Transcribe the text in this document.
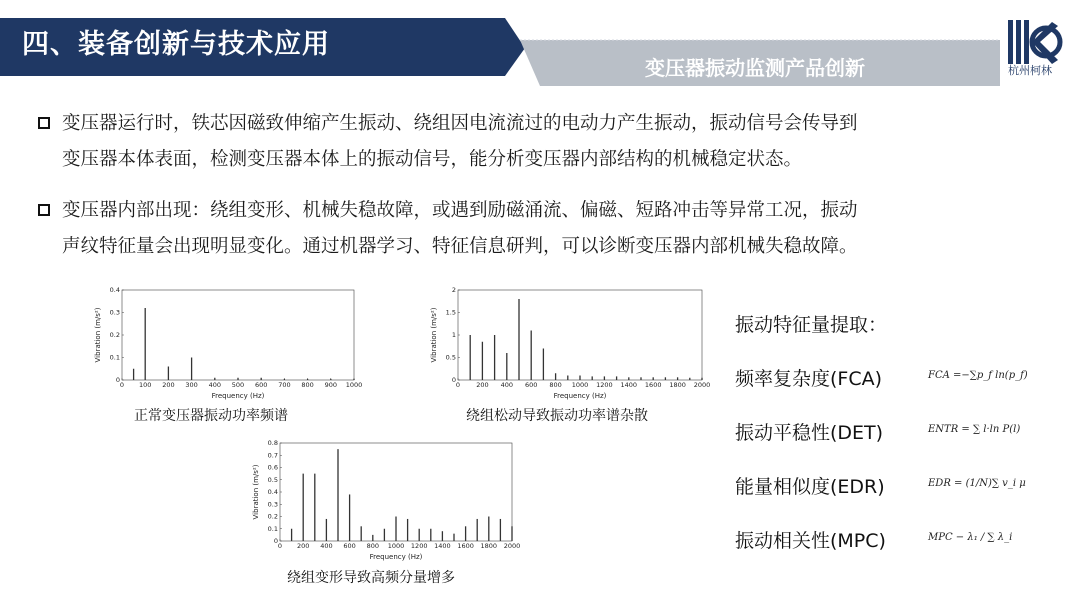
四、装备创新与技术应用
变压器振动监测产品创新	杭州柯林
变压器运行时，铁芯因磁致伸缩产生振动、绕组因电流流过的电动力产生振动，振动信号会传导到
变压器本体表面，检测变压器本体上的振动信号，能分析变压器内部结构的机械稳定状态。
变压器内部出现：绕组变形、机械失稳故障，或遇到励磁涌流、偏磁、短路冲击等异常工况，振动
声纹特征量会出现明显变化。通过机器学习、特征信息研判，可以诊断变压器内部机械失稳故障。
0 100 200 300 400 500 600 700 800 900 1000
0
0.1
0.2
0.3
0.4
Frequency (Hz)
Vibration (m/s²)
正常变压器振动功率频谱
0 200 400 600 800 1000 1200 1400 1600 1800 2000
0
0.5
1
1.5
2
Frequency (Hz)
Vibration (m/s²)
绕组松动导致振动功率谱杂散
0 200 400 600 800 1000 1200 1400 1600 1800 2000
0
0.1
0.2
0.3
0.4
0.5
0.6
0.7
0.8
Frequency (Hz)
Vibration (m/s²)
绕组变形导致高频分量增多
振动特征量提取：
频率复杂度(FCA)	FCA =−∑p_f ln(p_f)
振动平稳性(DET)	ENTR = ∑ l·ln P(l)
能量相似度(EDR)	EDR = (1/N)∑ v_i μ
振动相关性(MPC)	MPC − λ₁ / ∑ λ_i
